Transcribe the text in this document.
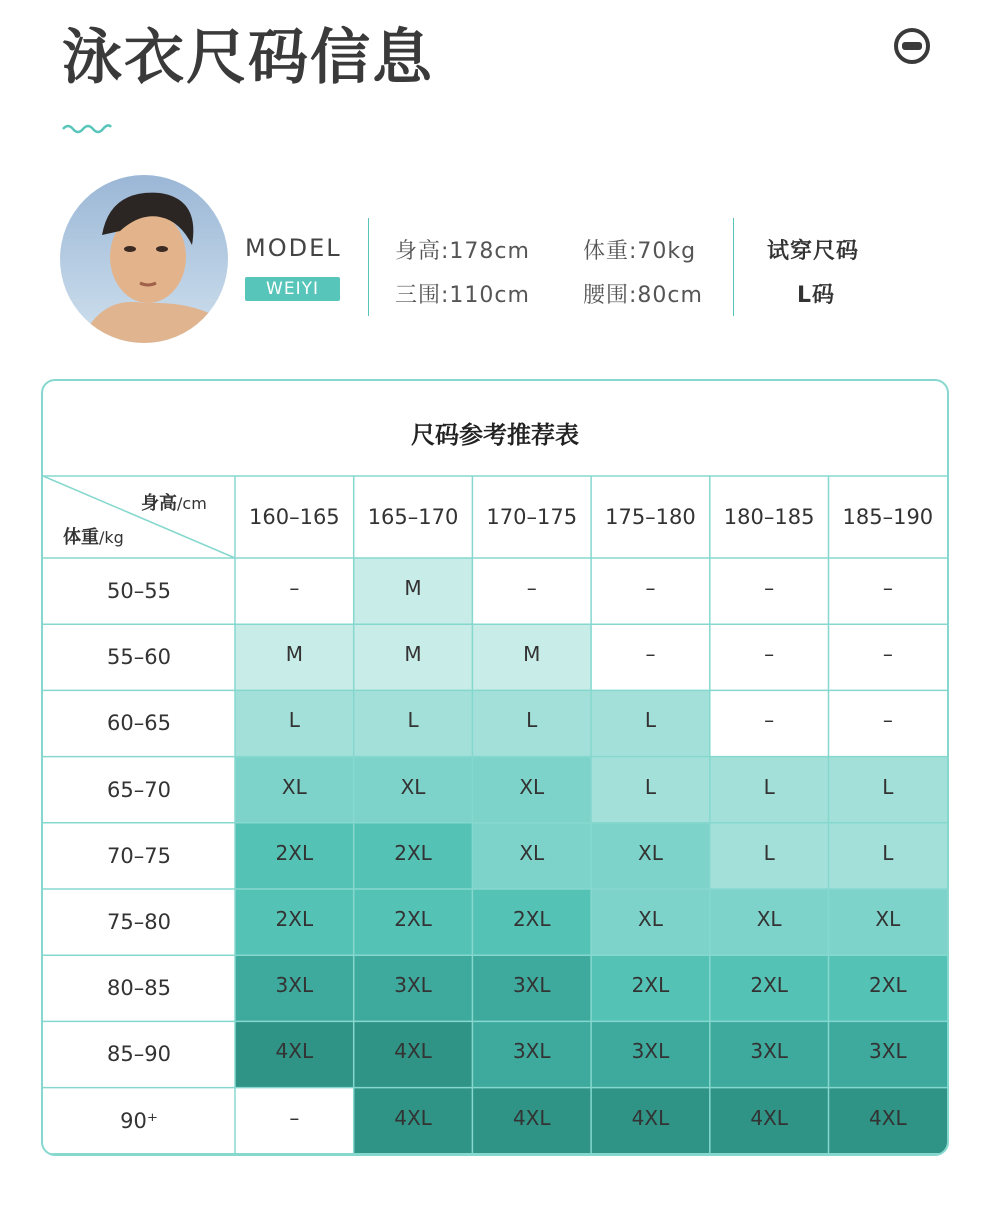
泳衣尺码信息
MODEL
WEIYI
身高:178cm 体重:70kg
三围:110cm 腰围:80cm
试穿尺码
L码
尺码参考推荐表
身高/cm
体重/kg
160–165	165–170	170–175	175–180	180–185	185–190
50–55	–	M	–	–	–	–
55–60	M	M	M	–	–	–
60–65	L	L	L	L	–	–
65–70	XL	XL	XL	L	L	L
70–75	2XL	2XL	XL	XL	L	L
75–80	2XL	2XL	2XL	XL	XL	XL
80–85	3XL	3XL	3XL	2XL	2XL	2XL
85–90	4XL	4XL	3XL	3XL	3XL	3XL
90⁺	–	4XL	4XL	4XL	4XL	4XL
